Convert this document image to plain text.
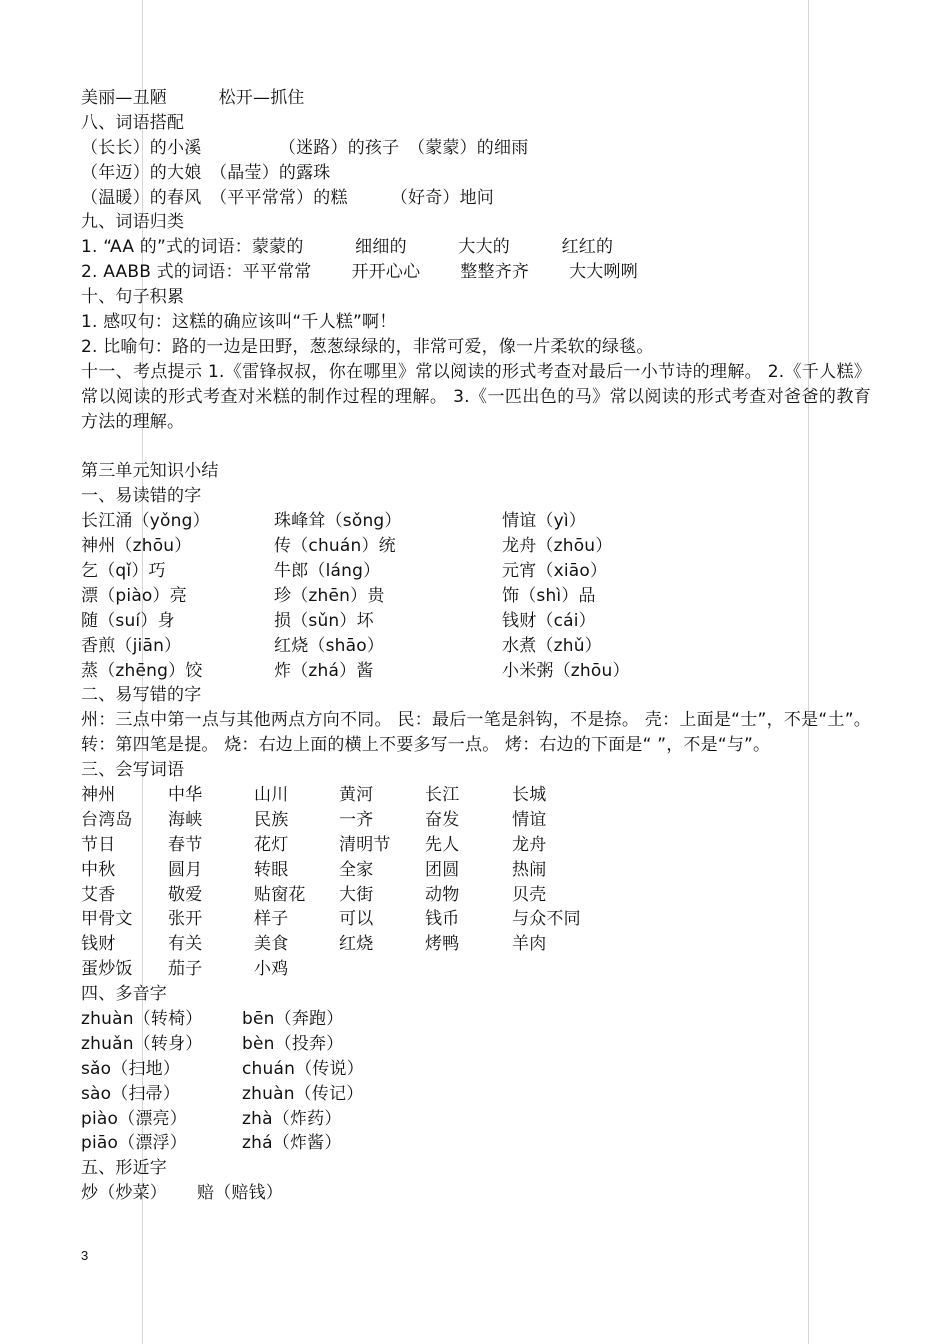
美丽—丑陋　　　松开—抓住
八、词语搭配
（长长）的小溪　　　　　（迷路）的孩子　（蒙蒙）的细雨
（年迈）的大娘　（晶莹）的露珠
（温暖）的春风　（平平常常）的糕　　　（好奇）地问
九、词语归类
1. “AA 的”式的词语：蒙蒙的　　　细细的　　　大大的　　　红红的
2. AABB 式的词语：平平常常　　 开开心心　　 整整齐齐　　 大大咧咧
十、句子积累
1. 感叹句：这糕的确应该叫“千人糕”啊！
2. 比喻句：路的一边是田野，葱葱绿绿的，非常可爱，像一片柔软的绿毯。
十一、考点提示 1.《雷锋叔叔，你在哪里》常以阅读的形式考查对最后一小节诗的理解。 2.《千人糕》常以阅读的形式考查对米糕的制作过程的理解。 3.《一匹出色的马》常以阅读的形式考查对爸爸的教育方法的理解。
第三单元知识小结
一、易读错的字
长江涌（yǒng）	珠峰耸（sǒng）	情谊（yì）
神州（zhōu）	传（chuán）统	龙舟（zhōu）
乞（qǐ）巧	牛郎（láng）	元宵（xiāo）
漂（piào）亮	珍（zhēn）贵	饰（shì）品
随（suí）身	损（sǔn）坏	钱财（cái）
香煎（jiān）	红烧（shāo）	水煮（zhǔ）
蒸（zhēng）饺	炸（zhá）酱	小米粥（zhōu）
二、易写错的字
州：三点中第一点与其他两点方向不同。 民：最后一笔是斜钩，不是捺。 壳：上面是“士”，不是“土”。 转：第四笔是提。 烧：右边上面的横上不要多写一点。 烤：右边的下面是“ ”，不是“与”。
三、会写词语
神州	中华	山川	黄河	长江	长城
台湾岛	海峡	民族	一齐	奋发	情谊
节日	春节	花灯	清明节	先人	龙舟
中秋	圆月	转眼	全家	团圆	热闹
艾香	敬爱	贴窗花	大街	动物	贝壳
甲骨文	张开	样子	可以	钱币	与众不同
钱财	有关	美食	红烧	烤鸭	羊肉
蛋炒饭	茄子	小鸡
四、多音字
zhuàn（转椅）	bēn（奔跑）
zhuǎn（转身）	bèn（投奔）
sǎo（扫地）	chuán（传说）
sào（扫帚）	zhuàn（传记）
piào（漂亮）	zhà（炸药）
piāo（漂浮）	zhá（炸酱）
五、形近字
炒（炒菜）	赔（赔钱）
3
